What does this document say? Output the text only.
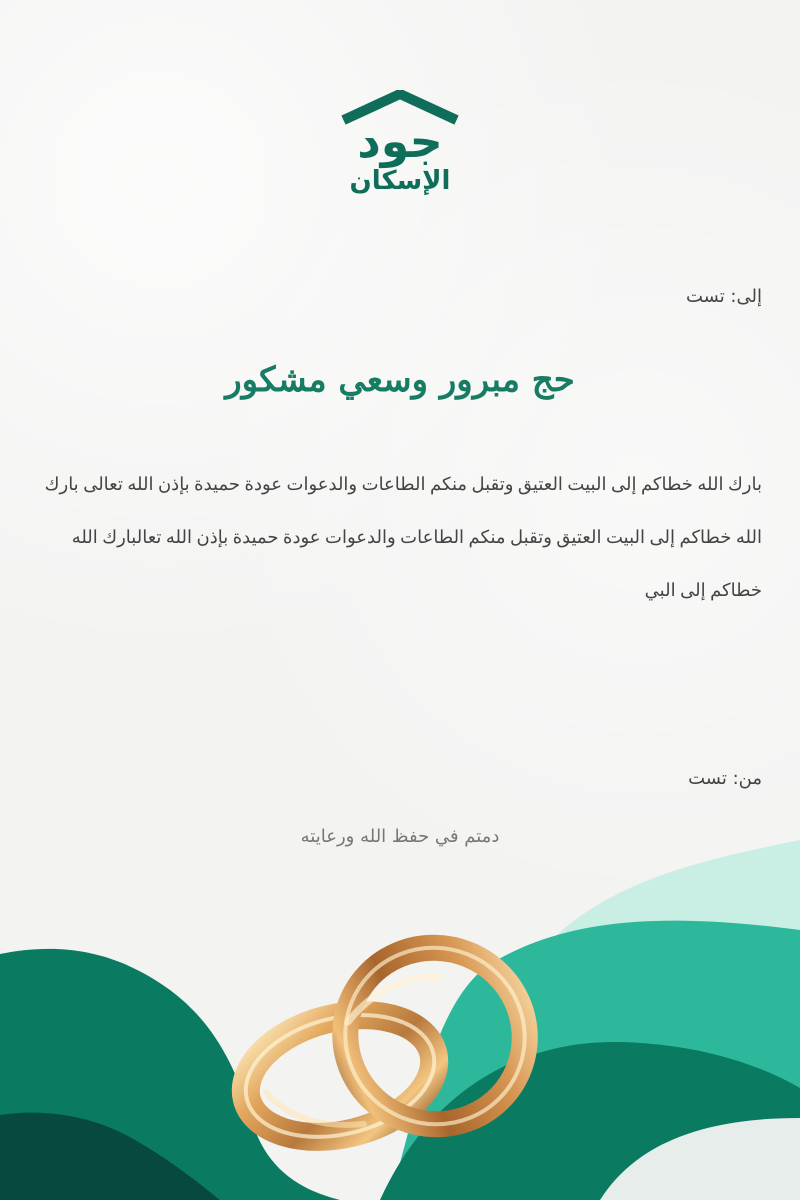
جود
الإسكان
إلى: تست
حج مبرور وسعي مشكور
بارك الله خطاكم إلى البيت العتيق وتقبل منكم الطاعات والدعوات عودة حميدة بإذن الله تعالى بارك الله خطاكم إلى البيت العتيق وتقبل منكم الطاعات والدعوات عودة حميدة بإذن الله تعالبارك الله خطاكم إلى البي
من: تست
دمتم في حفظ الله ورعايته
